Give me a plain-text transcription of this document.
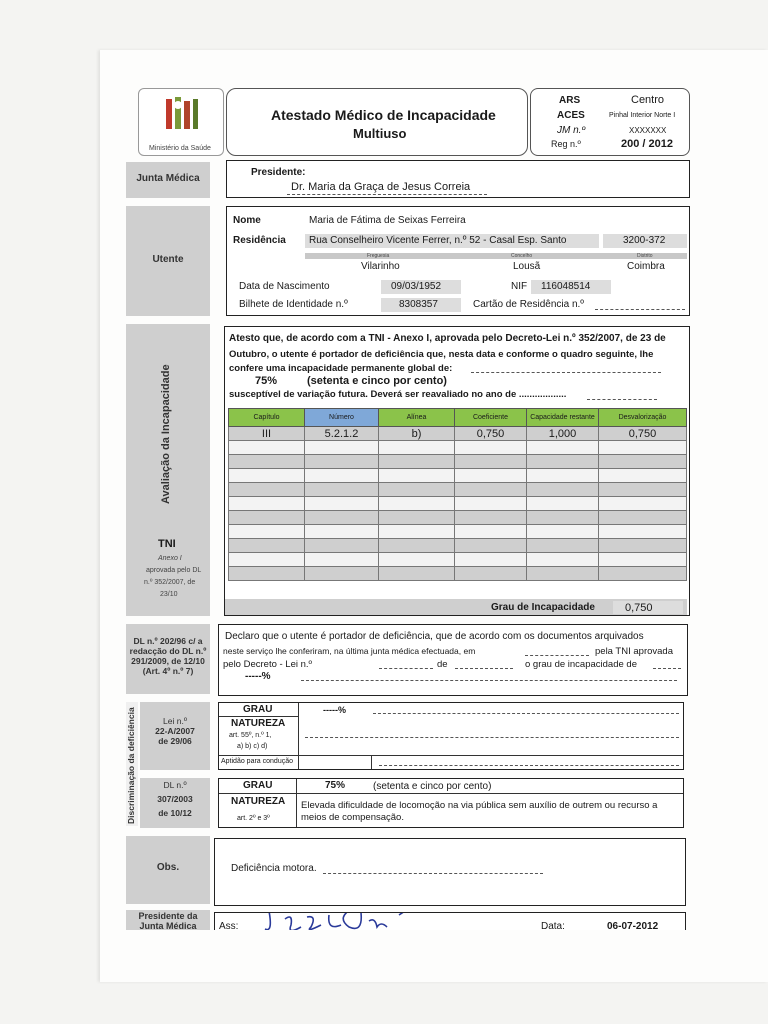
Ministério da Saúde
Atestado Médico de Incapacidade
Multiuso
ARS	Centro
ACES	Pinhal Interior Norte I
JM n.º	XXXXXXX
Reg n.º	200 / 2012
Junta Médica
Presidente:
Dr. Maria da Graça de Jesus Correia
Utente
Nome	Maria de Fátima de Seixas Ferreira
Residência Rua Conselheiro Vicente Ferrer, n.º 52 - Casal Esp. Santo	3200-372
Freguesia	Concelho	Distrito
Vilarinho	Lousã	Coimbra
Data de Nascimento	09/03/1952	NIF 116048514
Bilhete de Identidade n.º	8308357	Cartão de Residência n.º
Avaliação da Incapacidade
TNI
Anexo I
aprovada pelo DL
n.º 352/2007, de
23/10
Atesto que, de acordo com a TNI - Anexo I, aprovada pelo Decreto-Lei n.º 352/2007, de 23 de
Outubro, o utente é portador de deficiência que, nesta data e conforme o quadro seguinte, lhe
confere uma incapacidade permanente global de:
75%	(setenta e cinco por cento)
susceptível de variação futura. Deverá ser reavaliado no ano de ..................
Grau de Incapacidade	0,750
Capítulo	Número	Alínea	Coeficiente	Capacidade restante	Desvalorização
III	5.2.1.2	b)	0,750	1,000	0,750

DL n.º 202/96 c/ a
redacção do DL n.º
291/2009, de 12/10
(Art. 4º n.º 7)
Declaro que o utente é portador de deficiência, que de acordo com os documentos arquivados
neste serviço lhe conferiram, na última junta médica efectuada, em	pela TNI aprovada
pelo Decreto - Lei n.º	de	o grau de incapacidade de
-----%
Discriminação da deficiência	Lei n.º
22-A/2007
de 29/06
GRAU	-----%
NATUREZA
art. 55º, n.º 1,
a) b) c) d)
Aptidão para condução
DL n.º
307/2003
de 10/12
GRAU	75%	(setenta e cinco por cento)
NATUREZA
art. 2º e 3º
Elevada dificuldade de locomoção na via pública sem auxílio de outrem ou recurso a
meios de compensação.
Obs.	Deficiência motora.
Presidente da
Junta Médica	Ass:	Data:	06-07-2012
